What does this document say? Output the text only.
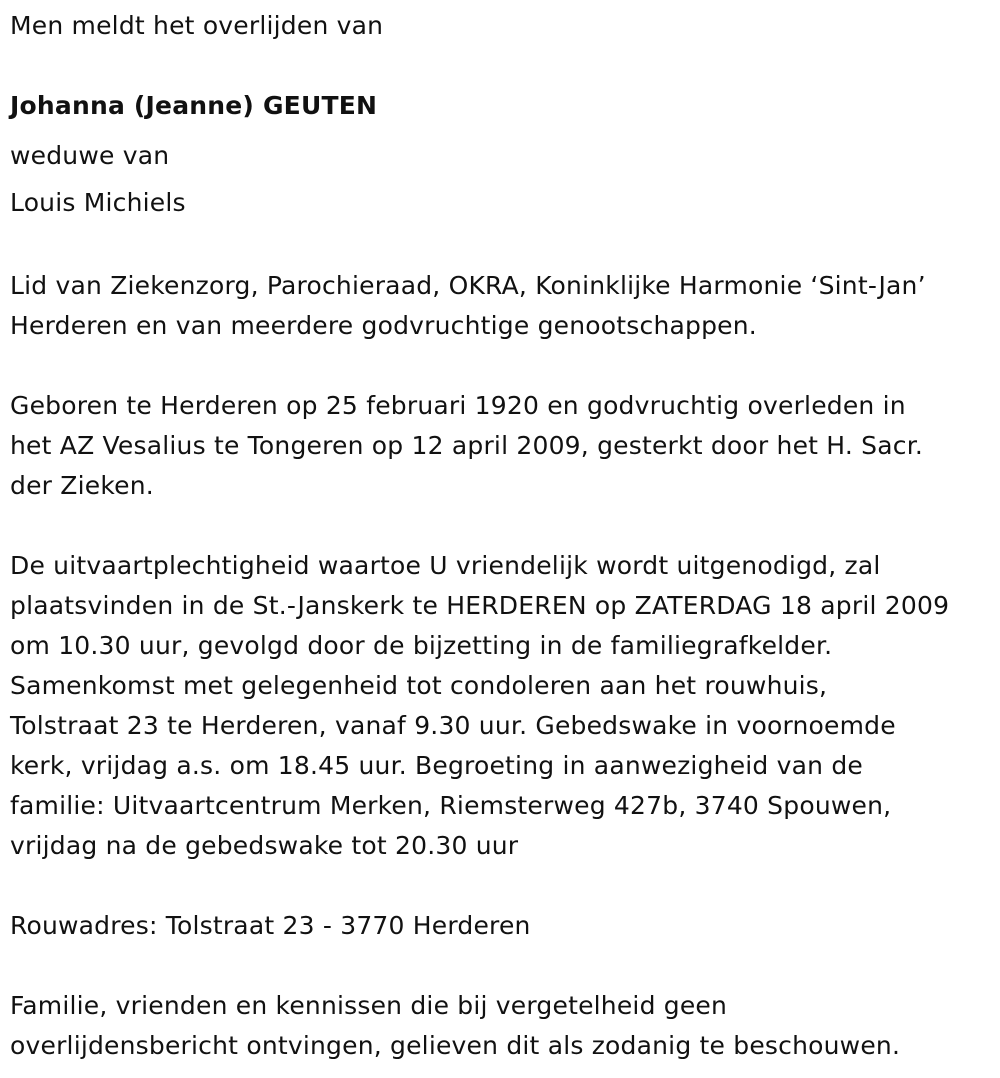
Men meldt het overlijden van

Johanna (Jeanne) GEUTEN

weduwe van

Louis Michiels

Lid van Ziekenzorg, Parochieraad, OKRA, Koninklijke Harmonie ‘Sint-Jan’

Herderen en van meerdere godvruchtige genootschappen.

Geboren te Herderen op 25 februari 1920 en godvruchtig overleden in

het AZ Vesalius te Tongeren op 12 april 2009, gesterkt door het H. Sacr.

der Zieken.

De uitvaartplechtigheid waartoe U vriendelijk wordt uitgenodigd, zal

plaatsvinden in de St.-Janskerk te HERDEREN op ZATERDAG 18 april 2009

om 10.30 uur, gevolgd door de bijzetting in de familiegrafkelder.

Samenkomst met gelegenheid tot condoleren aan het rouwhuis,

Tolstraat 23 te Herderen, vanaf 9.30 uur. Gebedswake in voornoemde

kerk, vrijdag a.s. om 18.45 uur. Begroeting in aanwezigheid van de

familie: Uitvaartcentrum Merken, Riemsterweg 427b, 3740 Spouwen,

vrijdag na de gebedswake tot 20.30 uur

Rouwadres: Tolstraat 23 - 3770 Herderen

Familie, vrienden en kennissen die bij vergetelheid geen

overlijdensbericht ontvingen, gelieven dit als zodanig te beschouwen.
